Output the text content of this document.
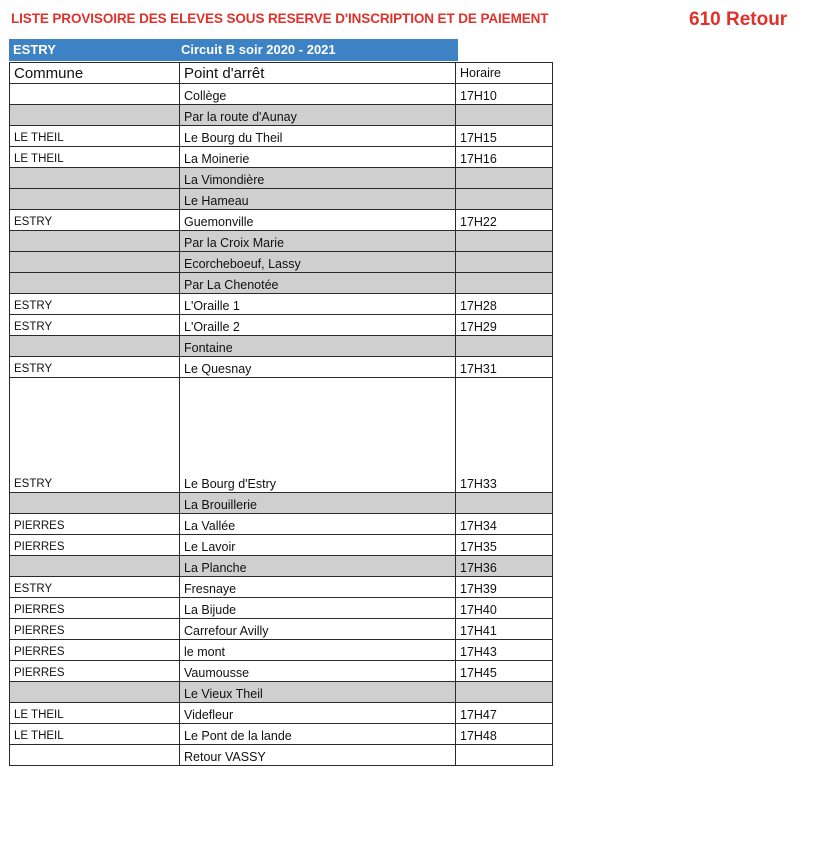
LISTE PROVISOIRE DES ELEVES SOUS RESERVE D'INSCRIPTION ET DE PAIEMENT	610 Retour
ESTRY	Circuit B soir 2020 - 2021
Commune	Point d'arrêt	Horaire
	Collège	17H10
	Par la route d'Aunay	
LE THEIL	Le Bourg du Theil	17H15
LE THEIL	La Moinerie	17H16
	La Vimondière	
	Le Hameau	
ESTRY	Guemonville	17H22
	Par la Croix Marie	
	Ecorcheboeuf, Lassy	
	Par La Chenotée	
ESTRY	L'Oraille 1	17H28
ESTRY	L'Oraille 2	17H29
	Fontaine	
ESTRY	Le Quesnay	17H31
ESTRY	Le Bourg d'Estry	17H33
	La Brouillerie	
PIERRES	La Vallée	17H34
PIERRES	Le Lavoir	17H35
	La Planche	17H36
ESTRY	Fresnaye	17H39
PIERRES	La Bijude	17H40
PIERRES	Carrefour Avilly	17H41
PIERRES	le mont	17H43
PIERRES	Vaumousse	17H45
	Le Vieux Theil	
LE THEIL	Videfleur	17H47
LE THEIL	Le Pont de la lande	17H48
	Retour VASSY	
